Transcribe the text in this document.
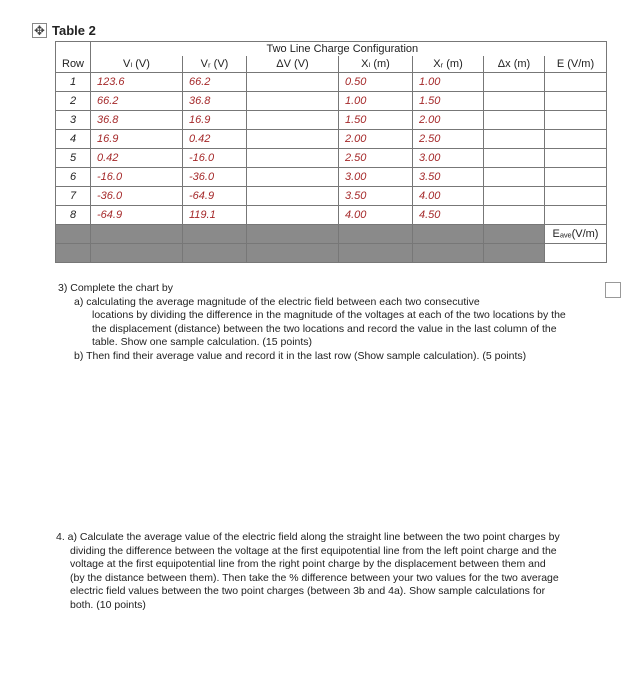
✥ Table 2
			Two Line Charge Configuration				
Row	Vₗ (V)	Vᵣ (V)	ΔV (V)	Xₗ (m)	Xᵣ (m)	Δx (m)	E (V/m)
1	123.6	66.2		0.50	1.00		
2	66.2	36.8		1.00	1.50		
3	36.8	16.9		1.50	2.00		
4	16.9	0.42		2.00	2.50		
5	0.42	-16.0		2.50	3.00		
6	-16.0	-36.0		3.00	3.50		
7	-36.0	-64.9		3.50	4.00		
8	-64.9	119.1		4.00	4.50		
							Eₐᵥₑ(V/m)

3) Complete the chart by
a) calculating the average magnitude of the electric field between each two consecutive
locations by dividing the difference in the magnitude of the voltages at each of the two locations by the
the displacement (distance) between the two locations and record the value in the last column of the
table. Show one sample calculation. (15 points)
b) Then find their average value and record it in the last row (Show sample calculation). (5 points)
4. a) Calculate the average value of the electric field along the straight line between the two point charges by
dividing the difference between the voltage at the first equipotential line from the left point charge and the
voltage at the first equipotential line from the right point charge by the displacement between them and
(by the distance between them). Then take the % difference between your two values for the two average
electric field values between the two point charges (between 3b and 4a). Show sample calculations for
both. (10 points)
